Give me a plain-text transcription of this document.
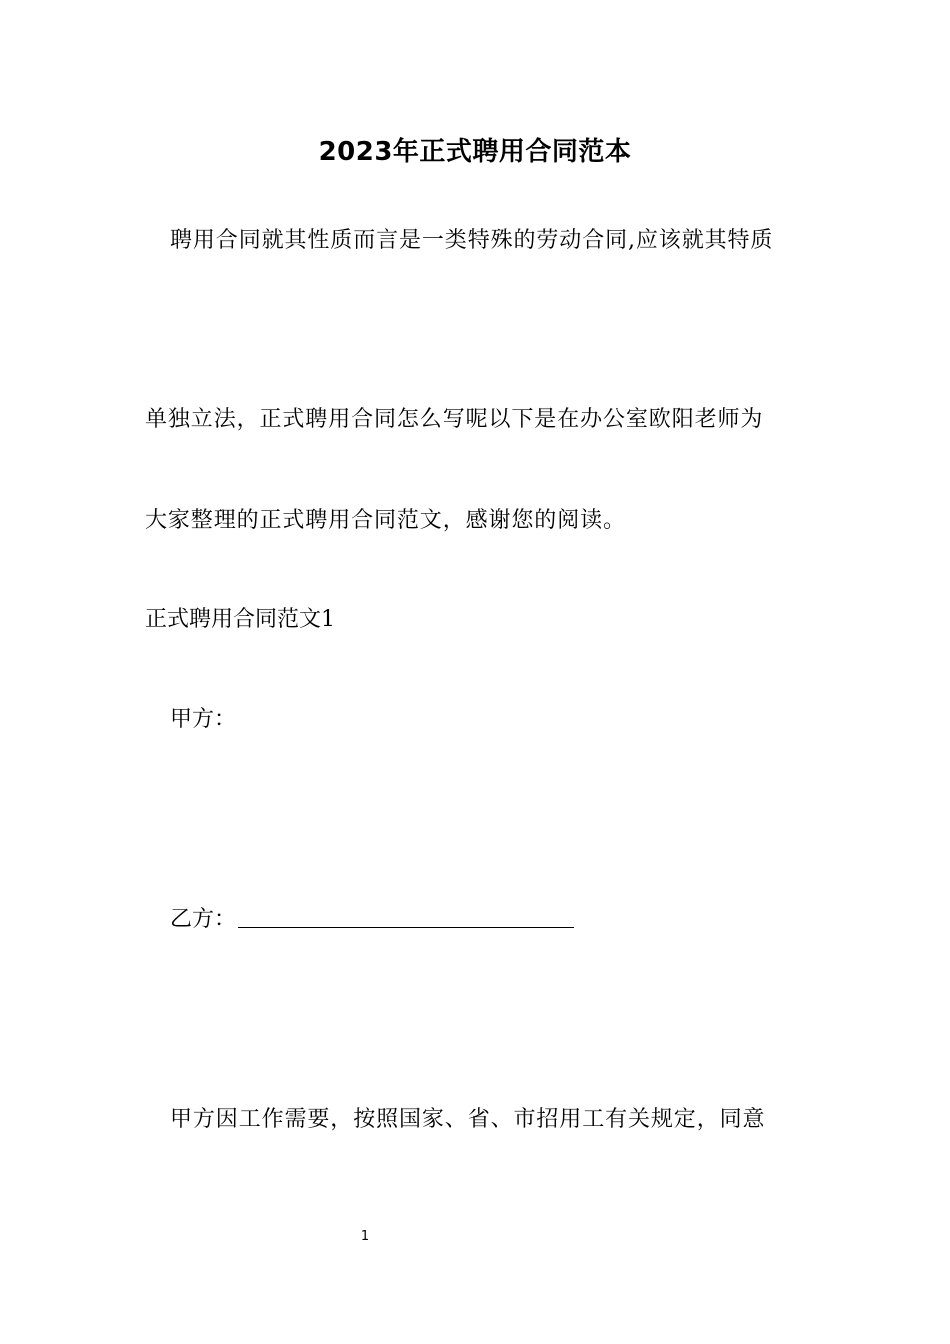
2023年正式聘用合同范本
聘用合同就其性质而言是一类特殊的劳动合同,应该就其特质
单独立法，正式聘用合同怎么写呢以下是在办公室欧阳老师为
大家整理的正式聘用合同范文，感谢您的阅读。
正式聘用合同范文1
甲方：
乙方：
甲方因工作需要，按照国家、省、市招用工有关规定，同意
1
